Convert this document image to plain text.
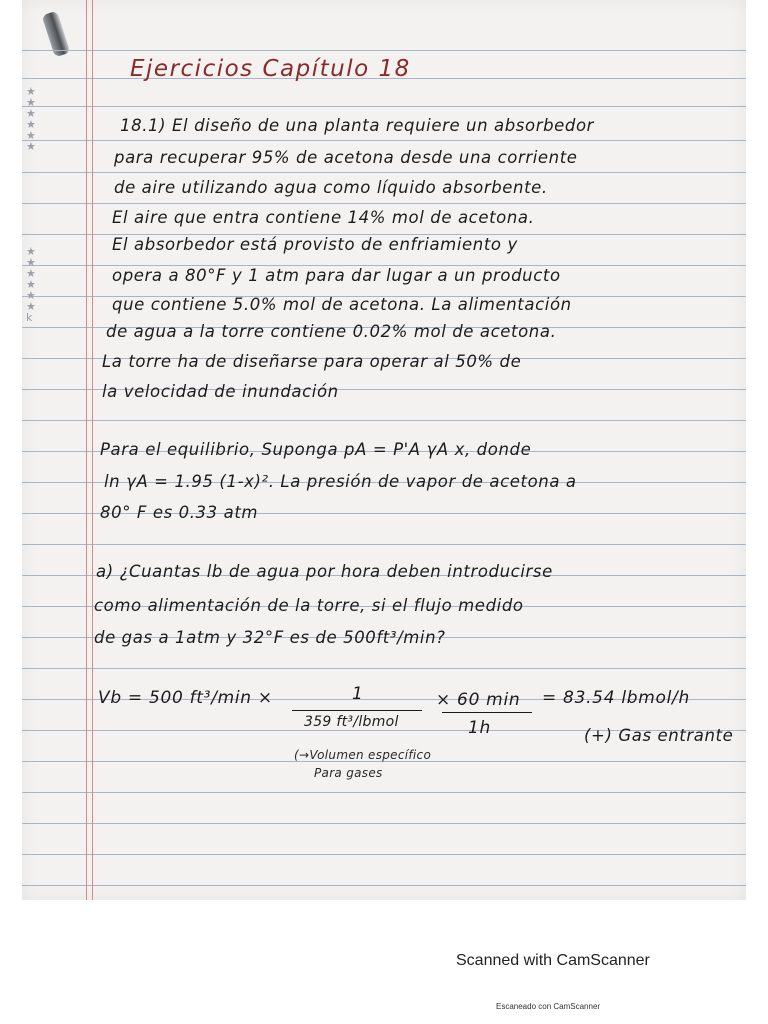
★
★
★
★
★
★
★
★
★
★
★
★
k
Ejercicios Capítulo 18
18.1) El diseño de una planta requiere un absorbedor
para recuperar 95% de acetona desde una corriente
de aire utilizando agua como líquido absorbente.
El aire que entra contiene 14% mol de acetona.
El absorbedor está provisto de enfriamiento y
opera a 80°F y 1 atm para dar lugar a un producto
que contiene 5.0% mol de acetona. La alimentación
de agua a la torre contiene 0.02% mol de acetona.
La torre ha de diseñarse para operar al 50% de
la velocidad de inundación
Para el equilibrio, Suponga pA = P'A γA x, donde
ln γA = 1.95 (1-x)². La presión de vapor de acetona a
80° F es 0.33 atm
a) ¿Cuantas lb de agua por hora deben introducirse
como alimentación de la torre, si el flujo medido
de gas a 1atm y 32°F es de 500ft³/min?
Vb = 500 ft³/min ×	1
359 ft³/lbmol
× 60 min
1h
= 83.54 lbmol/h
(+) Gas entrante
(→Volumen específico
Para gases
Scanned with CamScanner
Escaneado con CamScanner
